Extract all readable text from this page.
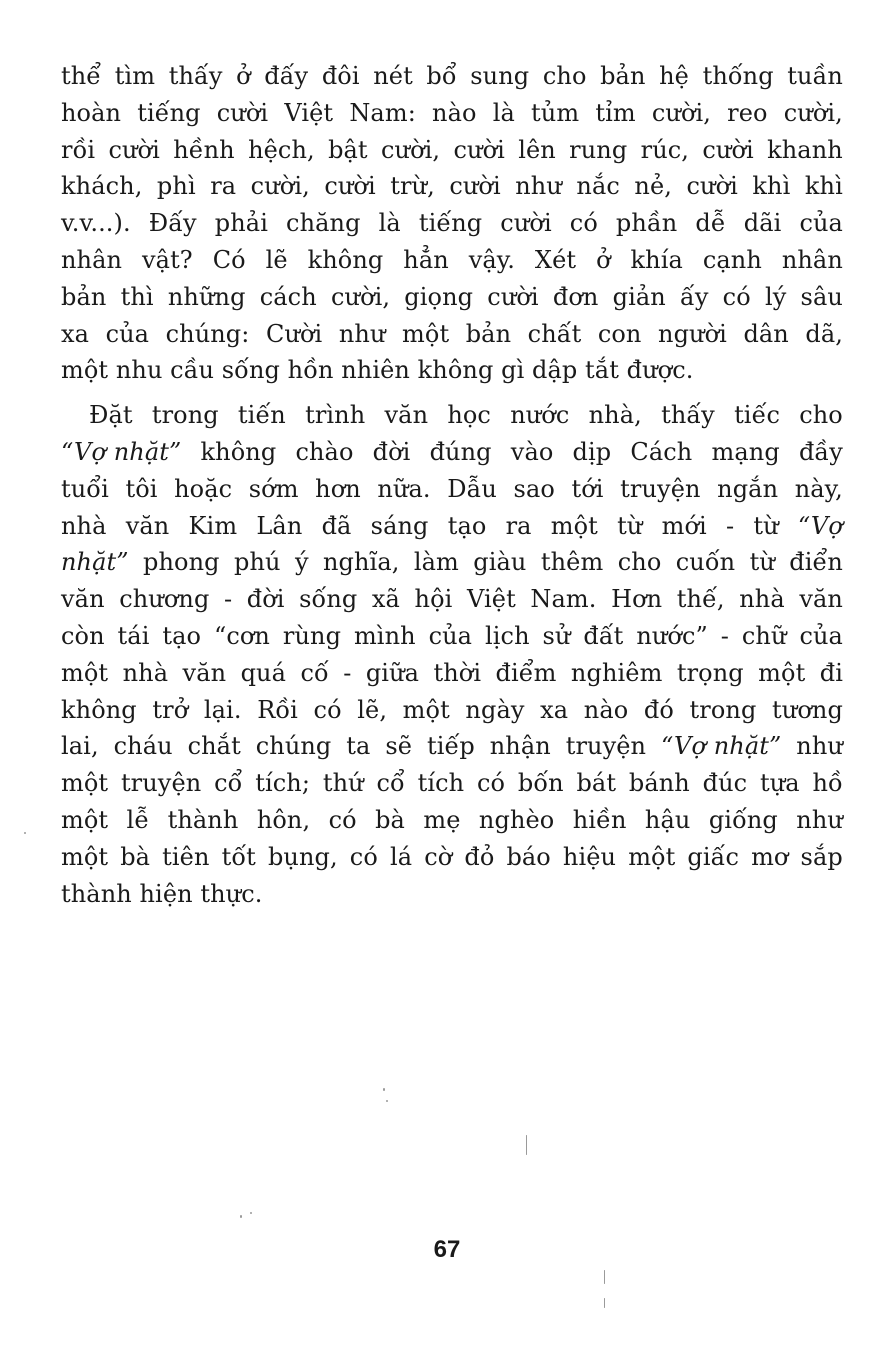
thể tìm thấy ở đấy đôi nét bổ sung cho bản hệ thống tuần
hoàn tiếng cười Việt Nam: nào là tủm tỉm cười, reo cười,
rồi cười hềnh hệch, bật cười, cười lên rung rúc, cười khanh
khách, phì ra cười, cười trừ, cười như nắc nẻ, cười khì khì
v.v...). Đấy phải chăng là tiếng cười có phần dễ dãi của
nhân vật? Có lẽ không hẳn vậy. Xét ở khía cạnh nhân
bản thì những cách cười, giọng cười đơn giản ấy có lý sâu
xa của chúng: Cười như một bản chất con người dân dã,
một nhu cầu sống hồn nhiên không gì dập tắt được.
Đặt trong tiến trình văn học nước nhà, thấy tiếc cho
“Vợ nhặt” không chào đời đúng vào dịp Cách mạng đầy
tuổi tôi hoặc sớm hơn nữa. Dẫu sao tới truyện ngắn này,
nhà văn Kim Lân đã sáng tạo ra một từ mới - từ “Vợ
nhặt” phong phú ý nghĩa, làm giàu thêm cho cuốn từ điển
văn chương - đời sống xã hội Việt Nam. Hơn thế, nhà văn
còn tái tạo “cơn rùng mình của lịch sử đất nước” - chữ của
một nhà văn quá cố - giữa thời điểm nghiêm trọng một đi
không trở lại. Rồi có lẽ, một ngày xa nào đó trong tương
lai, cháu chắt chúng ta sẽ tiếp nhận truyện “Vợ nhặt” như
một truyện cổ tích; thứ cổ tích có bốn bát bánh đúc tựa hồ
một lễ thành hôn, có bà mẹ nghèo hiền hậu giống như
một bà tiên tốt bụng, có lá cờ đỏ báo hiệu một giấc mơ sắp
thành hiện thực.
67
